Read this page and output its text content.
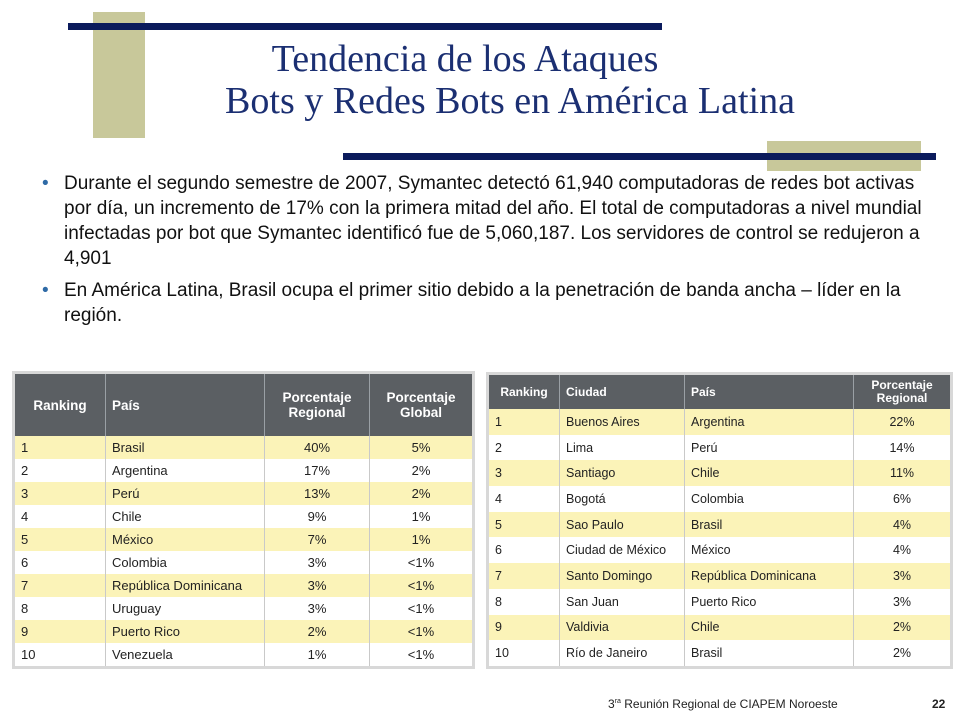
Tendencia de los Ataques
Bots y Redes Bots en América Latina
• Durante el segundo semestre de 2007, Symantec detectó 61,940 computadoras de redes bot activas por día, un incremento de 17% con la primera mitad del año. El total de computadoras a nivel mundial infectadas por bot que Symantec identificó fue de 5,060,187. Los servidores de control se redujeron a 4,901
• En América Latina, Brasil ocupa el primer sitio debido a la penetración de banda ancha – líder en la región.
Ranking	País	Porcentaje Regional	Porcentaje Global
1	Brasil	40%	5%
2	Argentina	17%	2%
3	Perú	13%	2%
4	Chile	9%	1%
5	México	7%	1%
6	Colombia	3%	<1%
7	República Dominicana	3%	<1%
8	Uruguay	3%	<1%
9	Puerto Rico	2%	<1%
10	Venezuela	1%	<1%
Ranking	Ciudad	País	Porcentaje Regional
1	Buenos Aires	Argentina	22%
2	Lima	Perú	14%
3	Santiago	Chile	11%
4	Bogotá	Colombia	6%
5	Sao Paulo	Brasil	4%
6	Ciudad de México	México	4%
7	Santo Domingo	República Dominicana	3%
8	San Juan	Puerto Rico	3%
9	Valdivia	Chile	2%
10	Río de Janeiro	Brasil	2%
$3^{ra}$ Reunión Regional de CIAPEM Noroeste	22
